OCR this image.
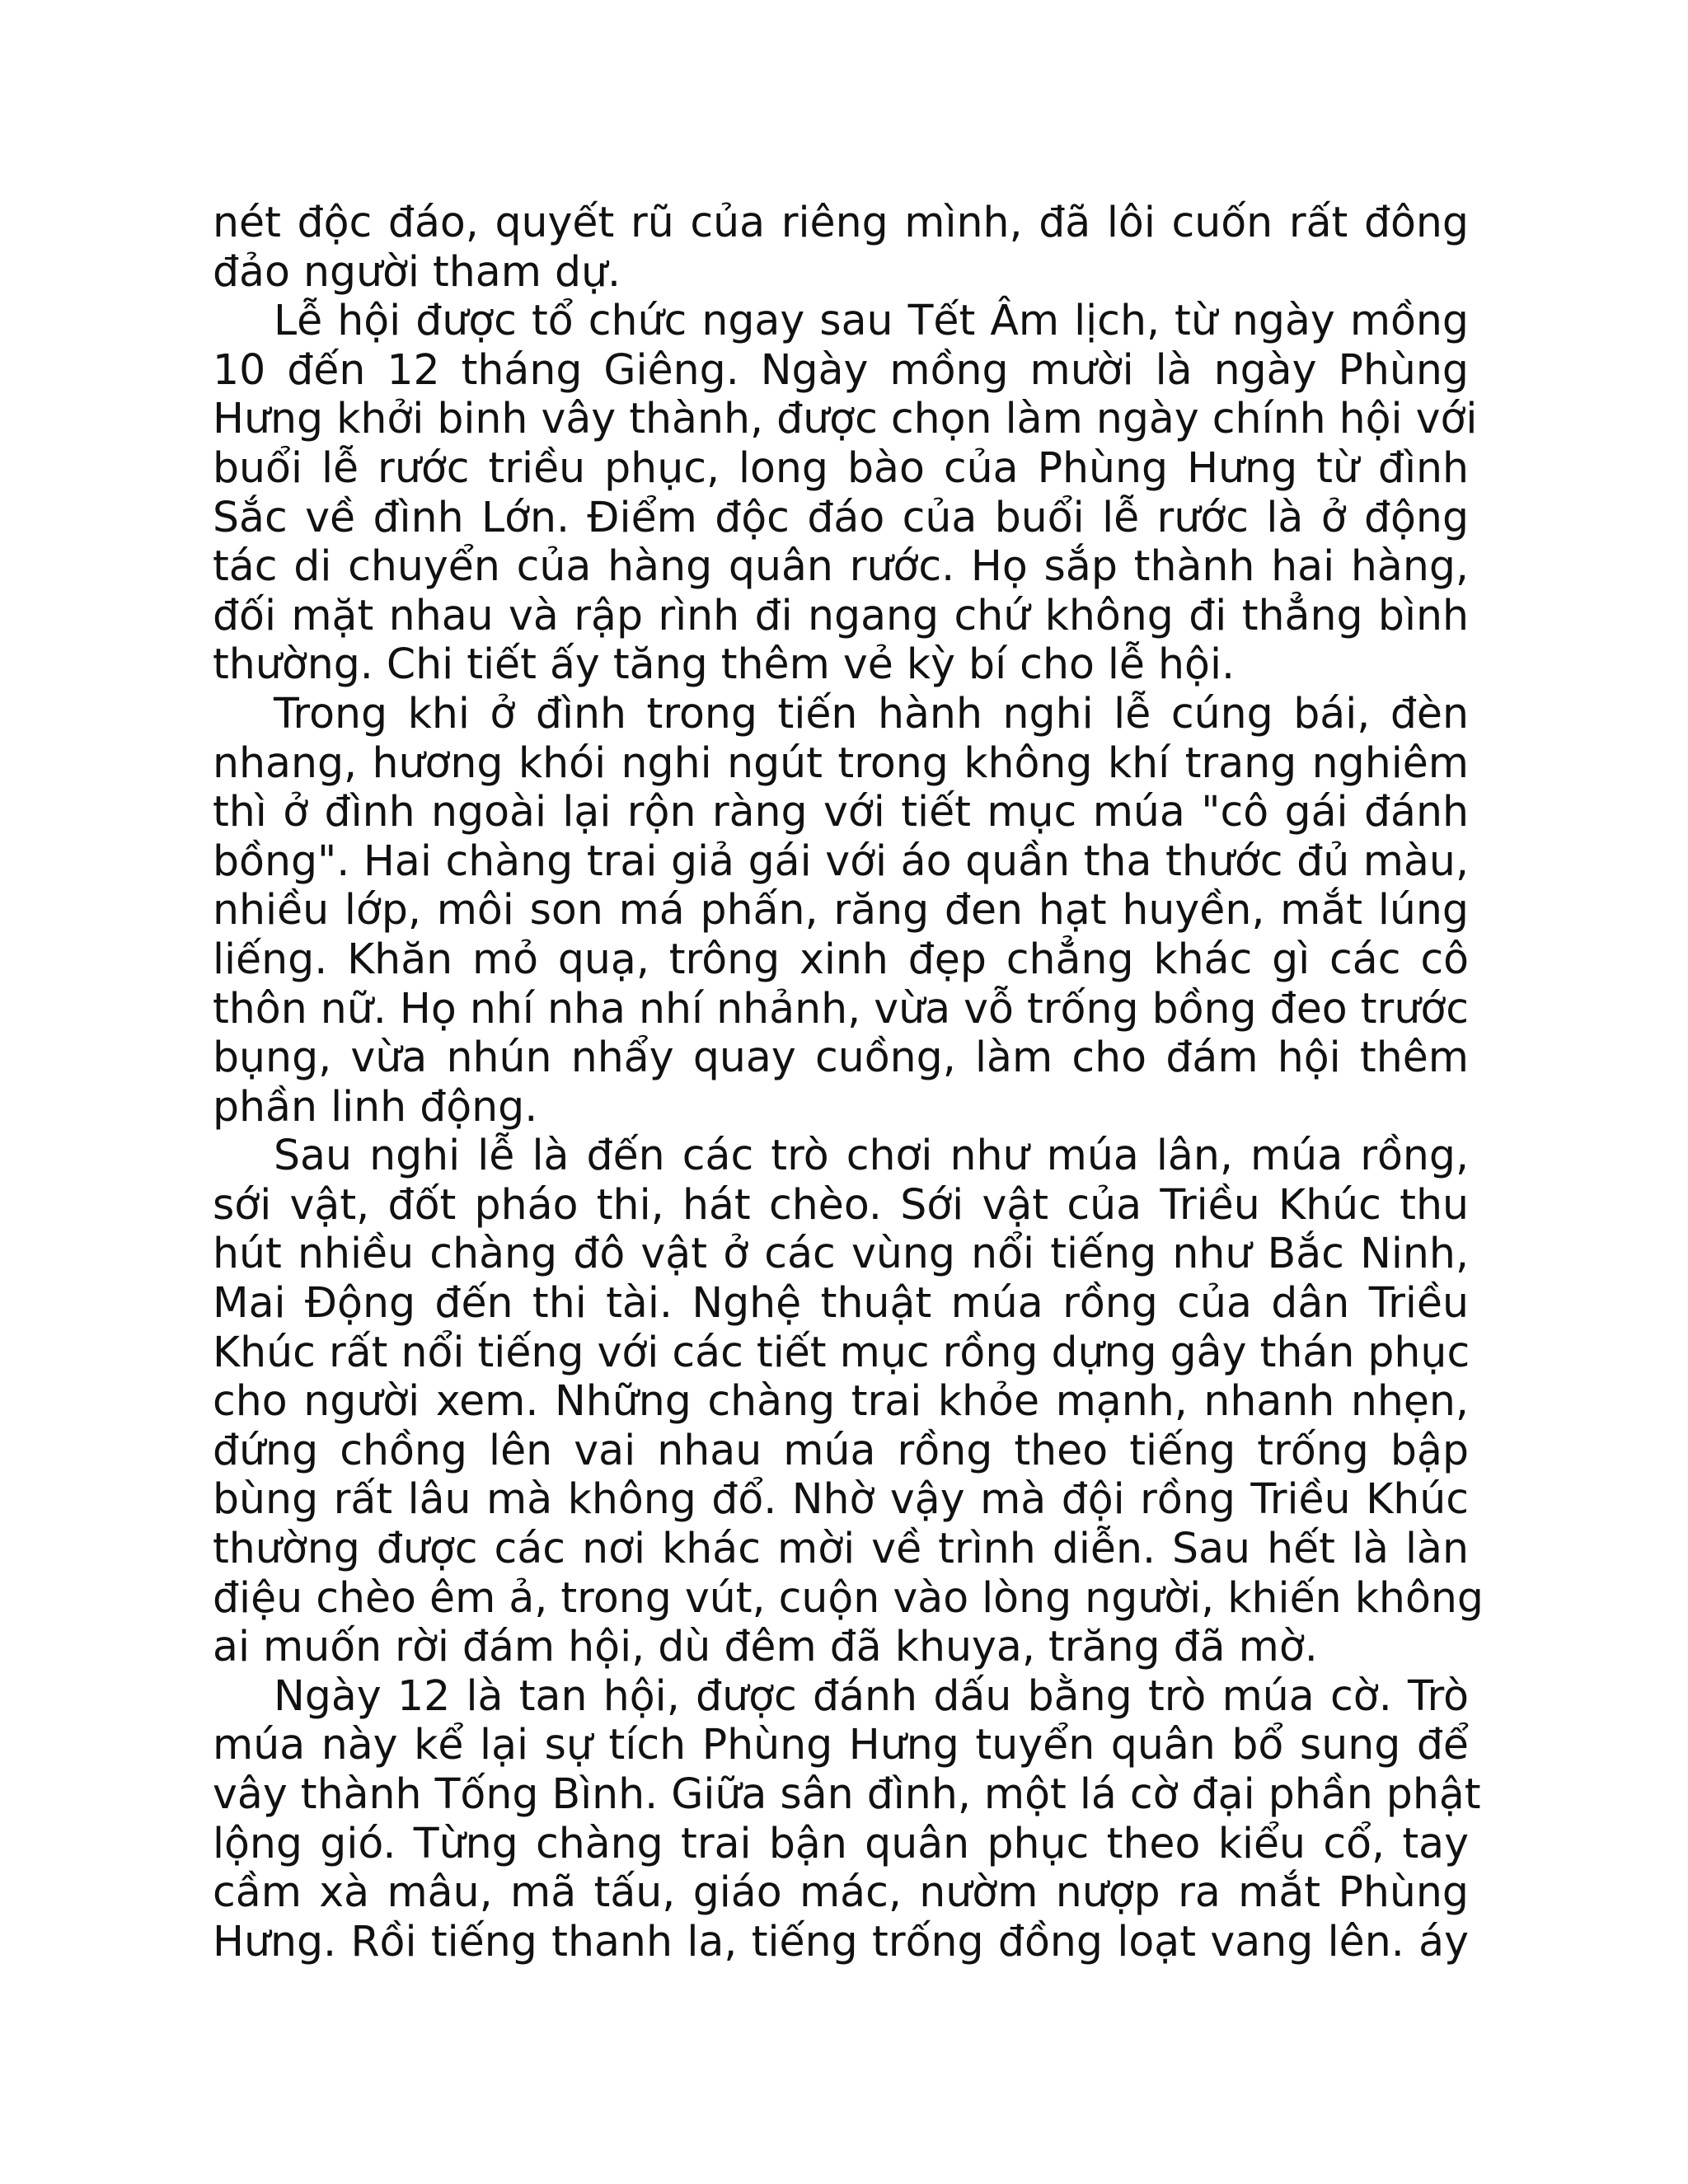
nét độc đáo, quyết rũ của riêng mình, đã lôi cuốn rất đông
đảo người tham dự.

Lễ hội được tổ chức ngay sau Tết Âm lịch, từ ngày mồng
10 đến 12 tháng Giêng. Ngày mồng mười là ngày Phùng
Hưng khởi binh vây thành, được chọn làm ngày chính hội với
buổi lễ rước triều phục, long bào của Phùng Hưng từ đình
Sắc về đình Lớn. Điểm độc đáo của buổi lễ rước là ở động
tác di chuyển của hàng quân rước. Họ sắp thành hai hàng,
đối mặt nhau và rập rình đi ngang chứ không đi thẳng bình
thường. Chi tiết ấy tăng thêm vẻ kỳ bí cho lễ hội.

Trong khi ở đình trong tiến hành nghi lễ cúng bái, đèn
nhang, hương khói nghi ngút trong không khí trang nghiêm
thì ở đình ngoài lại rộn ràng với tiết mục múa "cô gái đánh
bồng". Hai chàng trai giả gái với áo quần tha thước đủ màu,
nhiều lớp, môi son má phấn, răng đen hạt huyền, mắt lúng
liếng. Khăn mỏ quạ, trông xinh đẹp chẳng khác gì các cô
thôn nữ. Họ nhí nha nhí nhảnh, vừa vỗ trống bồng đeo trước
bụng, vừa nhún nhẩy quay cuồng, làm cho đám hội thêm
phần linh động.

Sau nghi lễ là đến các trò chơi như múa lân, múa rồng,
sới vật, đốt pháo thi, hát chèo. Sới vật của Triều Khúc thu
hút nhiều chàng đô vật ở các vùng nổi tiếng như Bắc Ninh,
Mai Động đến thi tài. Nghệ thuật múa rồng của dân Triều
Khúc rất nổi tiếng với các tiết mục rồng dựng gây thán phục
cho người xem. Những chàng trai khỏe mạnh, nhanh nhẹn,
đứng chồng lên vai nhau múa rồng theo tiếng trống bập
bùng rất lâu mà không đổ. Nhờ vậy mà đội rồng Triều Khúc
thường được các nơi khác mời về trình diễn. Sau hết là làn
điệu chèo êm ả, trong vút, cuộn vào lòng người, khiến không
ai muốn rời đám hội, dù đêm đã khuya, trăng đã mờ.

Ngày 12 là tan hội, được đánh dấu bằng trò múa cờ. Trò
múa này kể lại sự tích Phùng Hưng tuyển quân bổ sung để
vây thành Tống Bình. Giữa sân đình, một lá cờ đại phần phật
lộng gió. Từng chàng trai bận quân phục theo kiểu cổ, tay
cầm xà mâu, mã tấu, giáo mác, nườm nượp ra mắt Phùng
Hưng. Rồi tiếng thanh la, tiếng trống đồng loạt vang lên. áy
